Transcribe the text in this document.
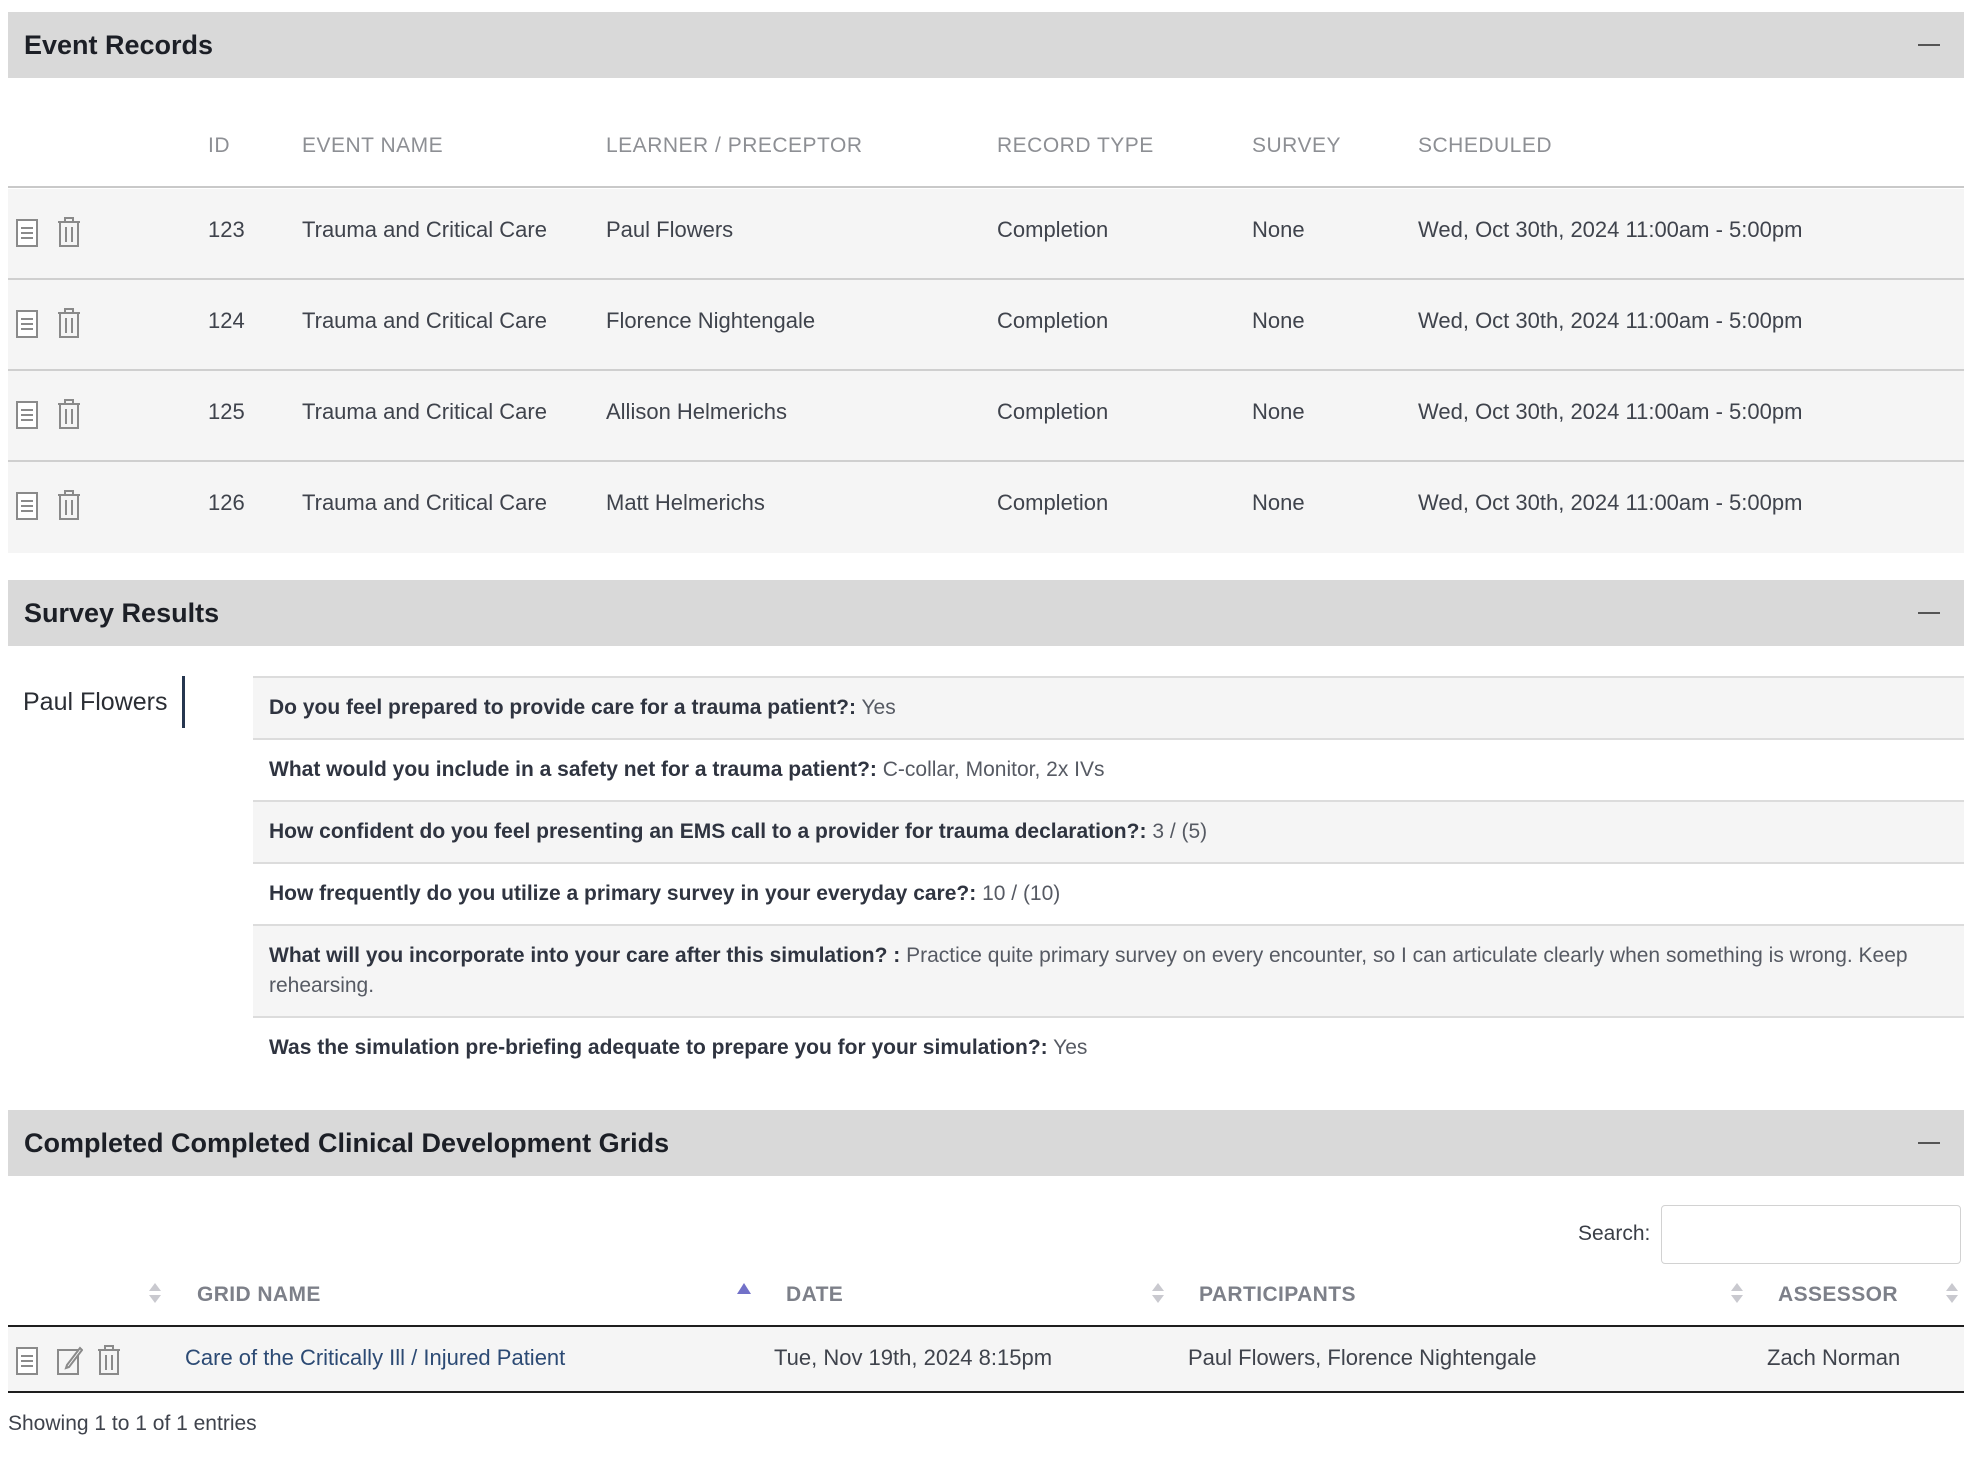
Event Records
ID	EVENT NAME	LEARNER / PRECEPTOR	RECORD TYPE	SURVEY	SCHEDULED
123	Trauma and Critical Care	Paul Flowers	Completion	None	Wed, Oct 30th, 2024 11:00am - 5:00pm
124	Trauma and Critical Care	Florence Nightengale	Completion	None	Wed, Oct 30th, 2024 11:00am - 5:00pm
125	Trauma and Critical Care	Allison Helmerichs	Completion	None	Wed, Oct 30th, 2024 11:00am - 5:00pm
126	Trauma and Critical Care	Matt Helmerichs	Completion	None	Wed, Oct 30th, 2024 11:00am - 5:00pm
Survey Results
Paul Flowers	Do you feel prepared to provide care for a trauma patient?: Yes
What would you include in a safety net for a trauma patient?: C-collar, Monitor, 2x IVs
How confident do you feel presenting an EMS call to a provider for trauma declaration?: 3 / (5)
How frequently do you utilize a primary survey in your everyday care?: 10 / (10)
What will you incorporate into your care after this simulation? : Practice quite primary survey on every encounter, so I can articulate clearly when something is wrong. Keep rehearsing.
Was the simulation pre-briefing adequate to prepare you for your simulation?: Yes
Completed Completed Clinical Development Grids
Search:
GRID NAME	DATE	PARTICIPANTS	ASSESSOR
Care of the Critically Ill / Injured Patient	Tue, Nov 19th, 2024 8:15pm	Paul Flowers, Florence Nightengale	Zach Norman
Showing 1 to 1 of 1 entries
